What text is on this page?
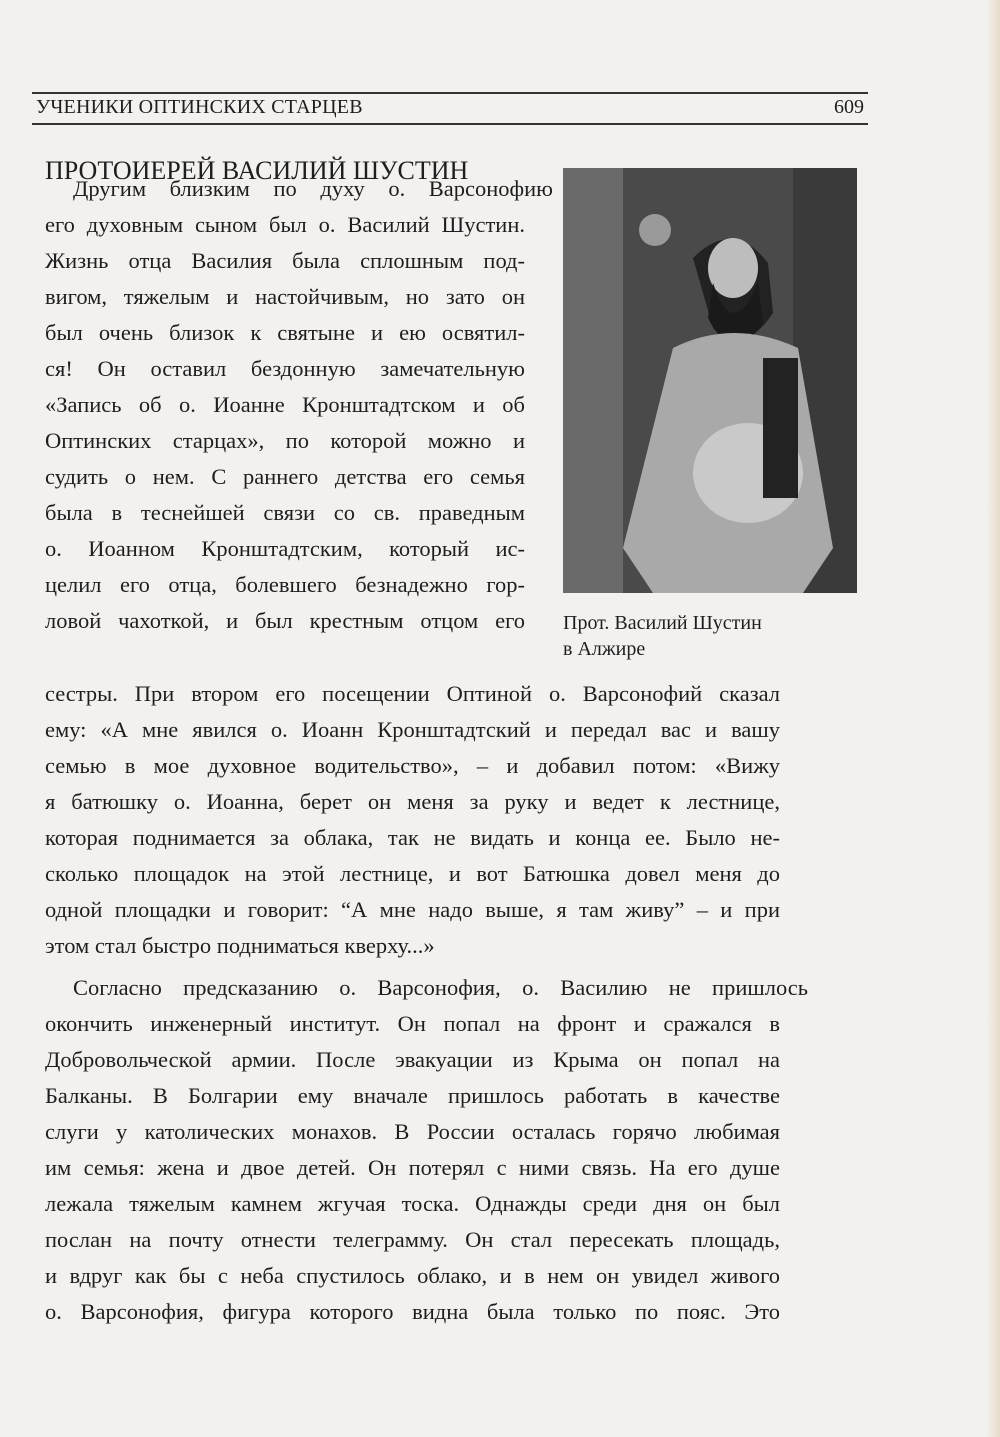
УЧЕНИКИ ОПТИНСКИХ СТАРЦЕВ	609
ПРОТОИЕРЕЙ ВАСИЛИЙ ШУСТИН
Другим близким по духу о. Варсонофию
его духовным сыном был о. Василий Шустин.
Жизнь отца Василия была сплошным под-
вигом, тяжелым и настойчивым, но зато он
был очень близок к святыне и ею освятил-
ся! Он оставил бездонную замечательную
«Запись об о. Иоанне Кронштадтском и об
Оптинских старцах», по которой можно и
судить о нем. С раннего детства его семья
была в теснейшей связи со св. праведным
о. Иоанном Кронштадтским, который ис-
целил его отца, болевшего безнадежно гор-
ловой чахоткой, и был крестным отцом его
сестры. При втором его посещении Оптиной о. Варсонофий сказал
ему: «А мне явился о. Иоанн Кронштадтский и передал вас и вашу
семью в мое духовное водительство», – и добавил потом: «Вижу
я батюшку о. Иоанна, берет он меня за руку и ведет к лестнице,
которая поднимается за облака, так не видать и конца ее. Было не-
сколько площадок на этой лестнице, и вот Батюшка довел меня до
одной площадки и говорит: “А мне надо выше, я там живу” – и при
этом стал быстро подниматься кверху...»
Согласно предсказанию о. Варсонофия, о. Василию не пришлось
окончить инженерный институт. Он попал на фронт и сражался в
Добровольческой армии. После эвакуации из Крыма он попал на
Балканы. В Болгарии ему вначале пришлось работать в качестве
слуги у католических монахов. В России осталась горячо любимая
им семья: жена и двое детей. Он потерял с ними связь. На его душе
лежала тяжелым камнем жгучая тоска. Однажды среди дня он был
послан на почту отнести телеграмму. Он стал пересекать площадь,
и вдруг как бы с неба спустилось облако, и в нем он увидел живого
о. Варсонофия, фигура которого видна была только по пояс. Это
Прот. Василий Шустин
в Алжире
